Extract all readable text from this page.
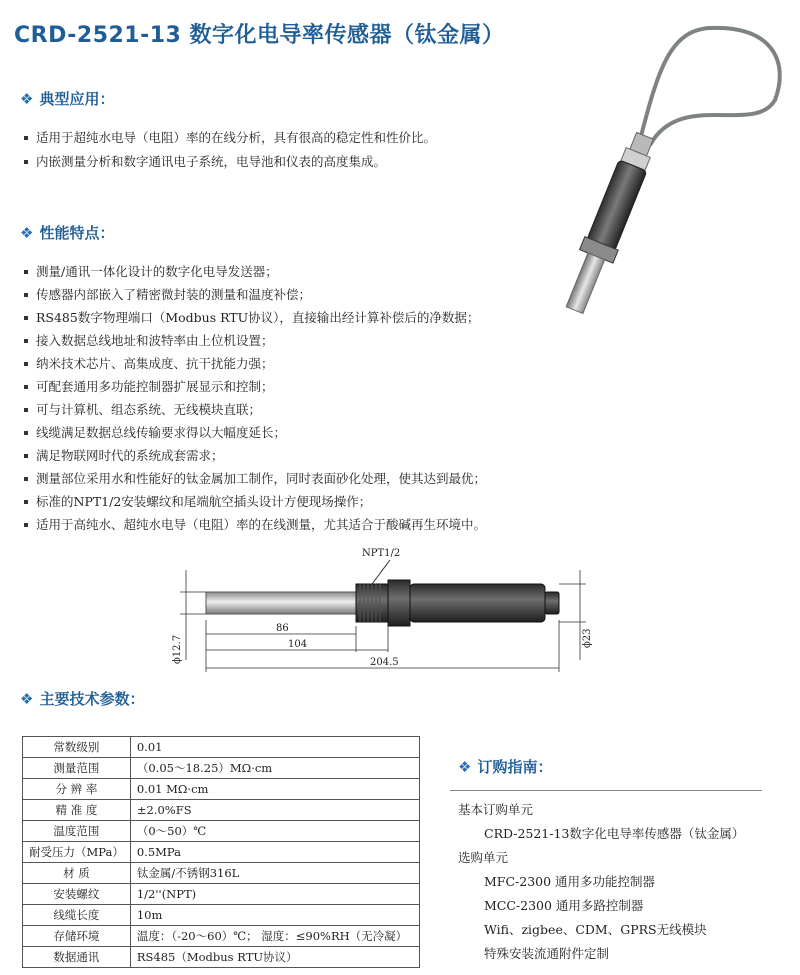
CRD-2521-13 数字化电导率传感器（钛金属）
❖ 典型应用：
适用于超纯水电导（电阻）率的在线分析，具有很高的稳定性和性价比。
内嵌测量分析和数字通讯电子系统，电导池和仪表的高度集成。
❖ 性能特点：
测量/通讯一体化设计的数字化电导发送器；
传感器内部嵌入了精密微封装的测量和温度补偿；
RS485数字物理端口（Modbus RTU协议），直接输出经计算补偿后的净数据；
接入数据总线地址和波特率由上位机设置；
纳米技术芯片、高集成度、抗干扰能力强；
可配套通用多功能控制器扩展显示和控制；
可与计算机、组态系统、无线模块直联；
线缆满足数据总线传输要求得以大幅度延长；
满足物联网时代的系统成套需求；
测量部位采用水和性能好的钛金属加工制作，同时表面砂化处理，使其达到最优；
标准的NPT1/2安装螺纹和尾端航空插头设计方便现场操作；
适用于高纯水、超纯水电导（电阻）率的在线测量，尤其适合于酸碱再生环境中。
NPT1/2
ϕ12.7
86
104
204.5
ϕ23
❖ 主要技术参数：
常数级别	0.01
测量范围	（0.05～18.25）MΩ·cm
分 辨 率	0.01 MΩ·cm
精 准 度	±2.0%FS
温度范围	（0～50）℃
耐受压力（MPa）	0.5MPa
材 质	钛金属/不锈钢316L
安装螺纹	1/2''(NPT)
线缆长度	10m
存储环境	温度：（-20～60）℃； 湿度：≤90%RH（无冷凝）
数据通讯	RS485（Modbus RTU协议）
❖ 订购指南：
基本订购单元
CRD-2521-13数字化电导率传感器（钛金属）
选购单元
MFC-2300 通用多功能控制器
MCC-2300 通用多路控制器
Wifi、zigbee、CDM、GPRS无线模块
特殊安装流通附件定制
